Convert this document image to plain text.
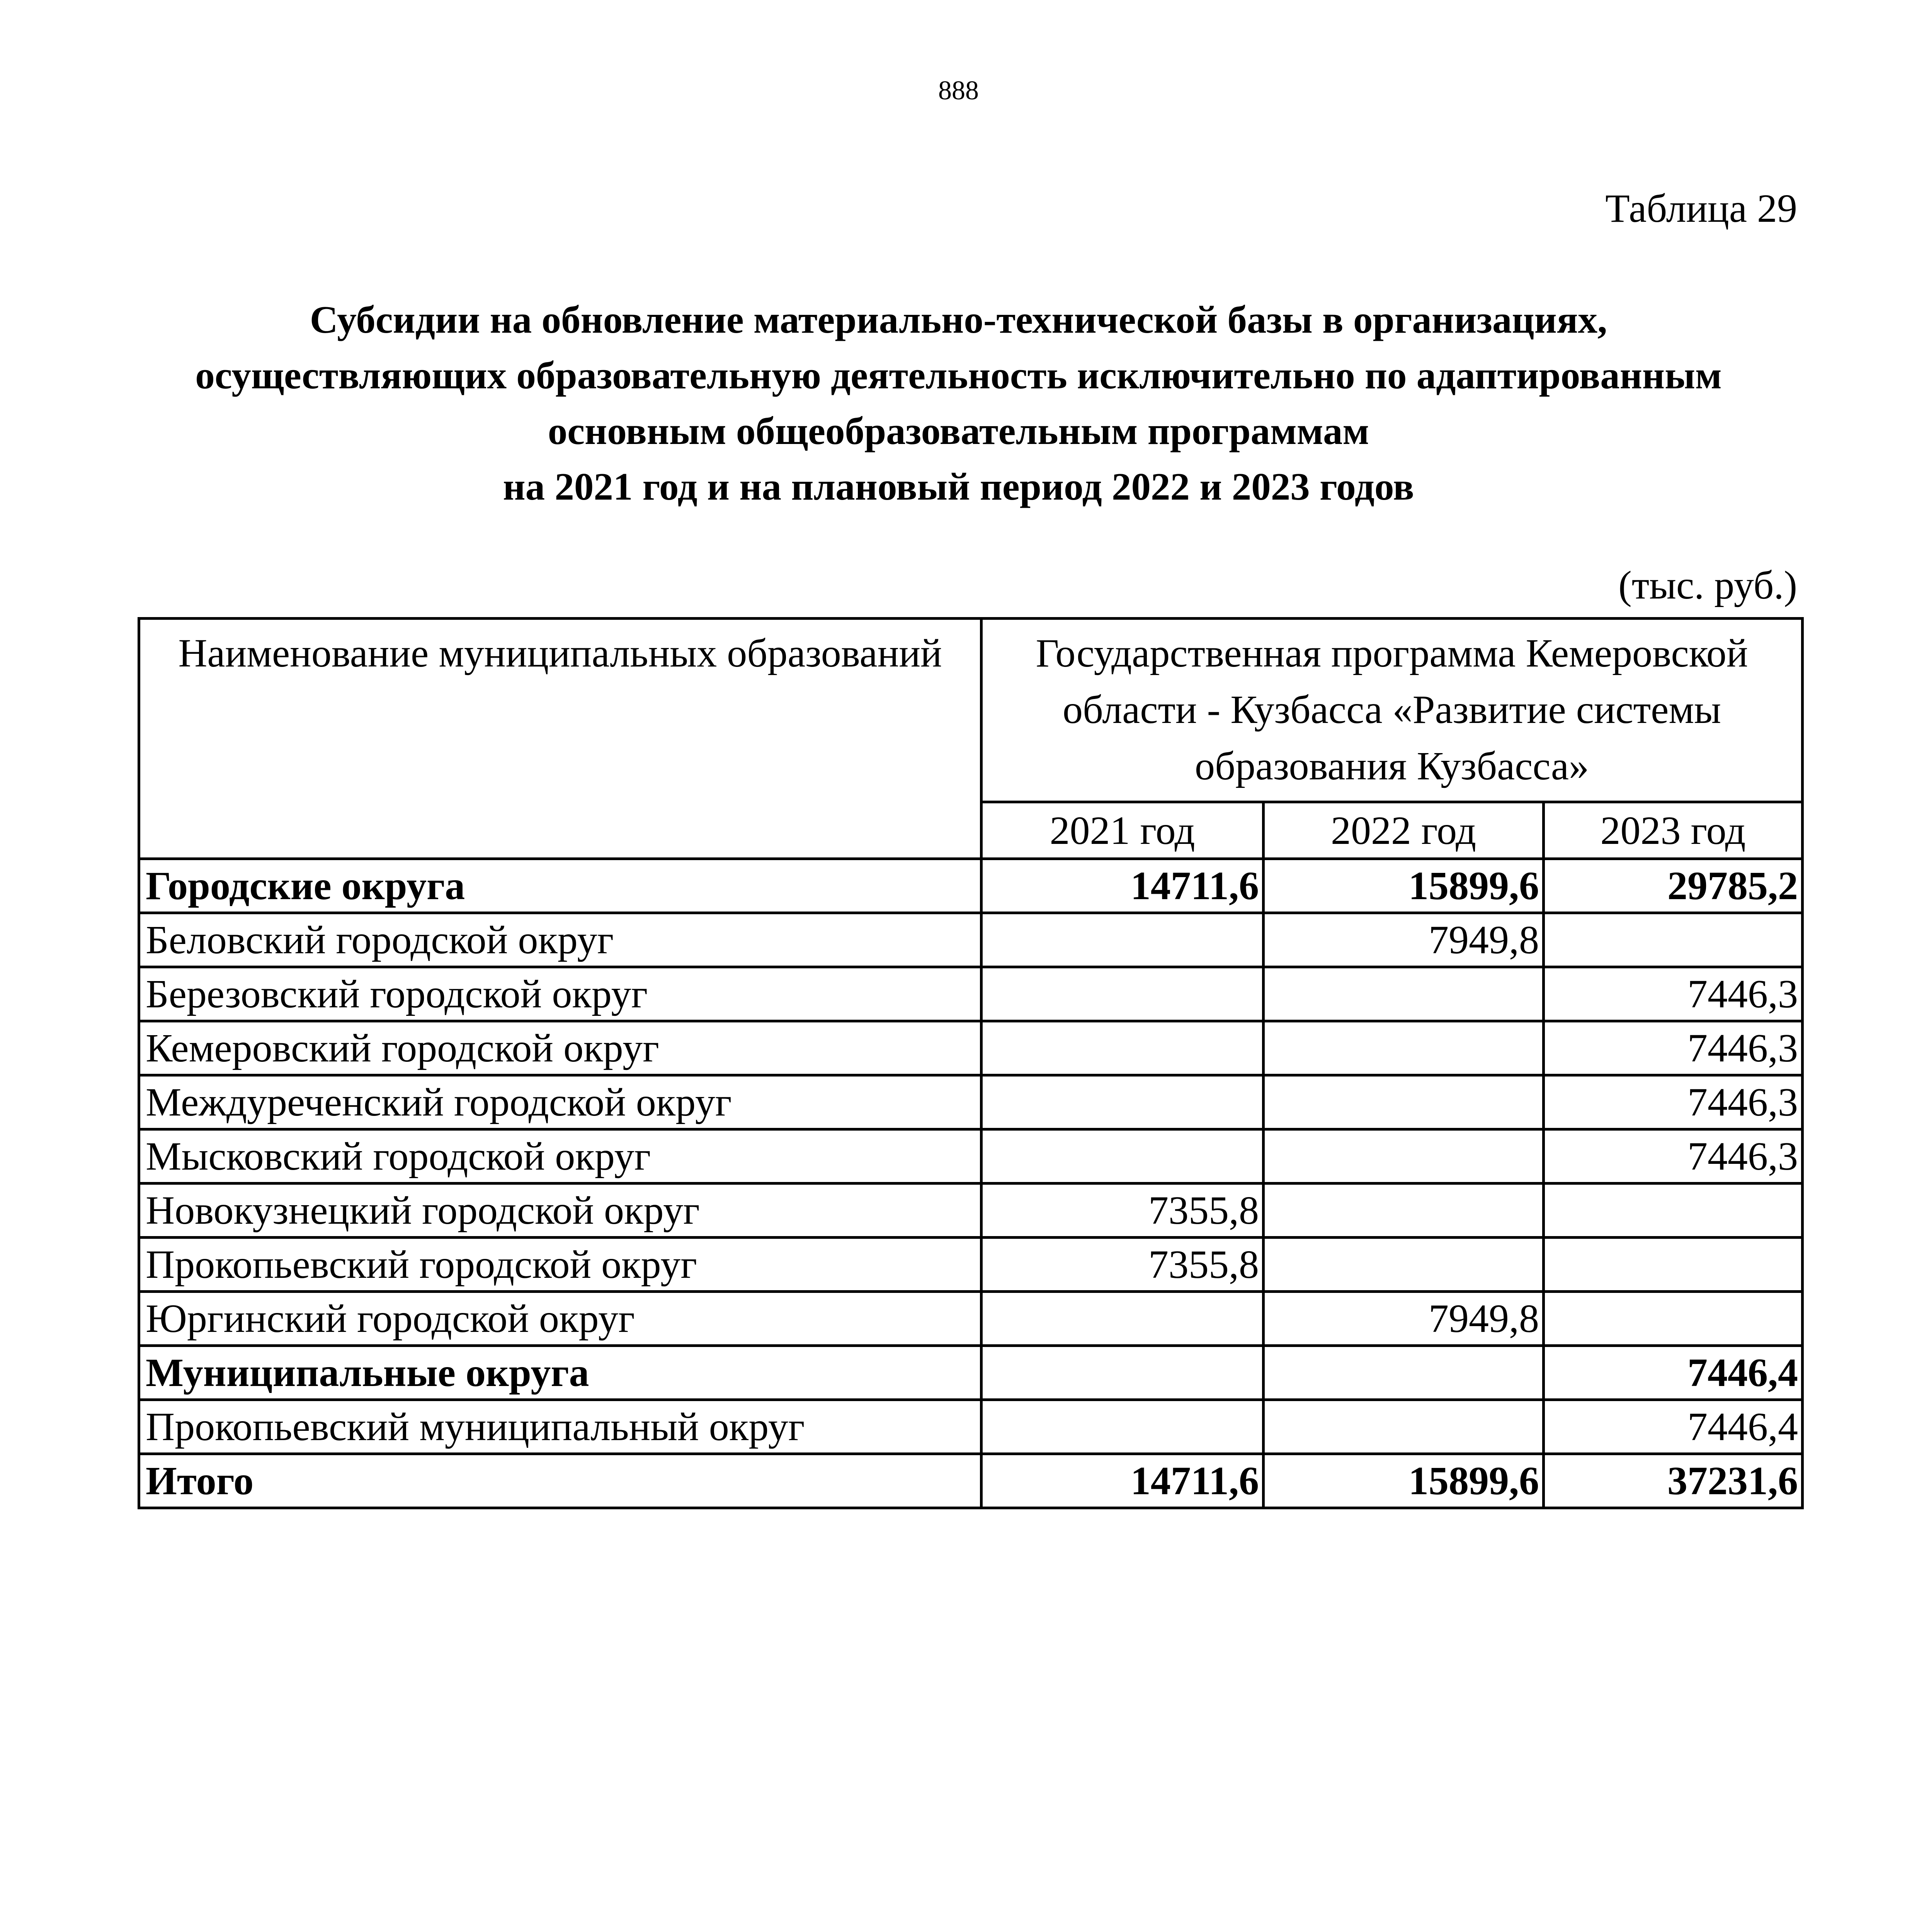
888
Таблица 29
Субсидии на обновление материально-технической базы в организациях,
осуществляющих образовательную деятельность исключительно по адаптированным
основным общеобразовательным программам
на 2021 год и на плановый период 2022 и 2023 годов
(тыс. руб.)
Наименование муниципальных образований	Государственная программа Кемеровской области - Кузбасса «Развитие системы образования Кузбасса»		
	2021 год	2022 год	2023 год
Городские округа	14711,6	15899,6	29785,2
Беловский городской округ		7949,8	
Березовский городской округ			7446,3
Кемеровский городской округ			7446,3
Междуреченский городской округ			7446,3
Мысковский городской округ			7446,3
Новокузнецкий городской округ	7355,8		
Прокопьевский городской округ	7355,8		
Юргинский городской округ		7949,8	
Муниципальные округа			7446,4
Прокопьевский муниципальный округ			7446,4
Итого	14711,6	15899,6	37231,6
